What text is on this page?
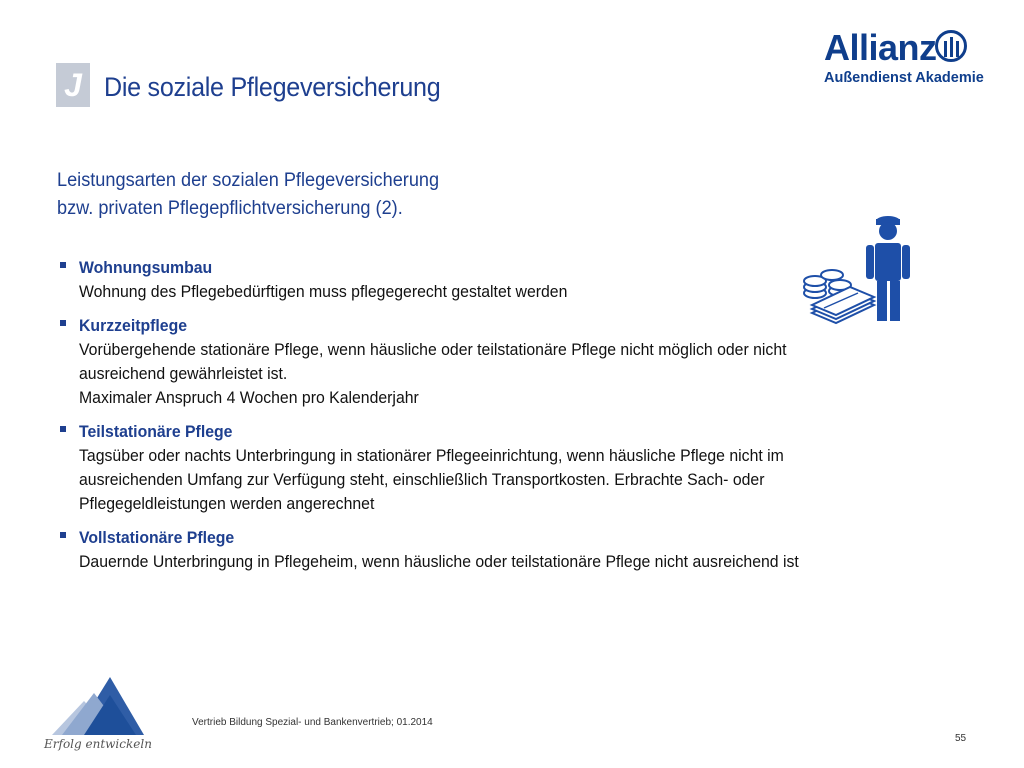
J Die soziale Pflegeversicherung
Allianz
Außendienst Akademie
Leistungsarten der sozialen Pflegeversicherung
bzw. privaten Pflegepflichtversicherung (2).
Wohnungsumbau
Wohnung des Pflegebedürftigen muss pflegegerecht gestaltet werden
Kurzzeitpflege
Vorübergehende stationäre Pflege, wenn häusliche oder teilstationäre Pflege nicht möglich oder nicht
ausreichend gewährleistet ist.
Maximaler Anspruch 4 Wochen pro Kalenderjahr
Teilstationäre Pflege
Tagsüber oder nachts Unterbringung in stationärer Pflegeeinrichtung, wenn häusliche Pflege nicht im
ausreichenden Umfang zur Verfügung steht, einschließlich Transportkosten. Erbrachte Sach- oder
Pflegegeldleistungen werden angerechnet
Vollstationäre Pflege
Dauernde Unterbringung in Pflegeheim, wenn häusliche oder teilstationäre Pflege nicht ausreichend ist
Erfolg entwickeln
Vertrieb Bildung Spezial- und Bankenvertrieb; 01.2014
55
